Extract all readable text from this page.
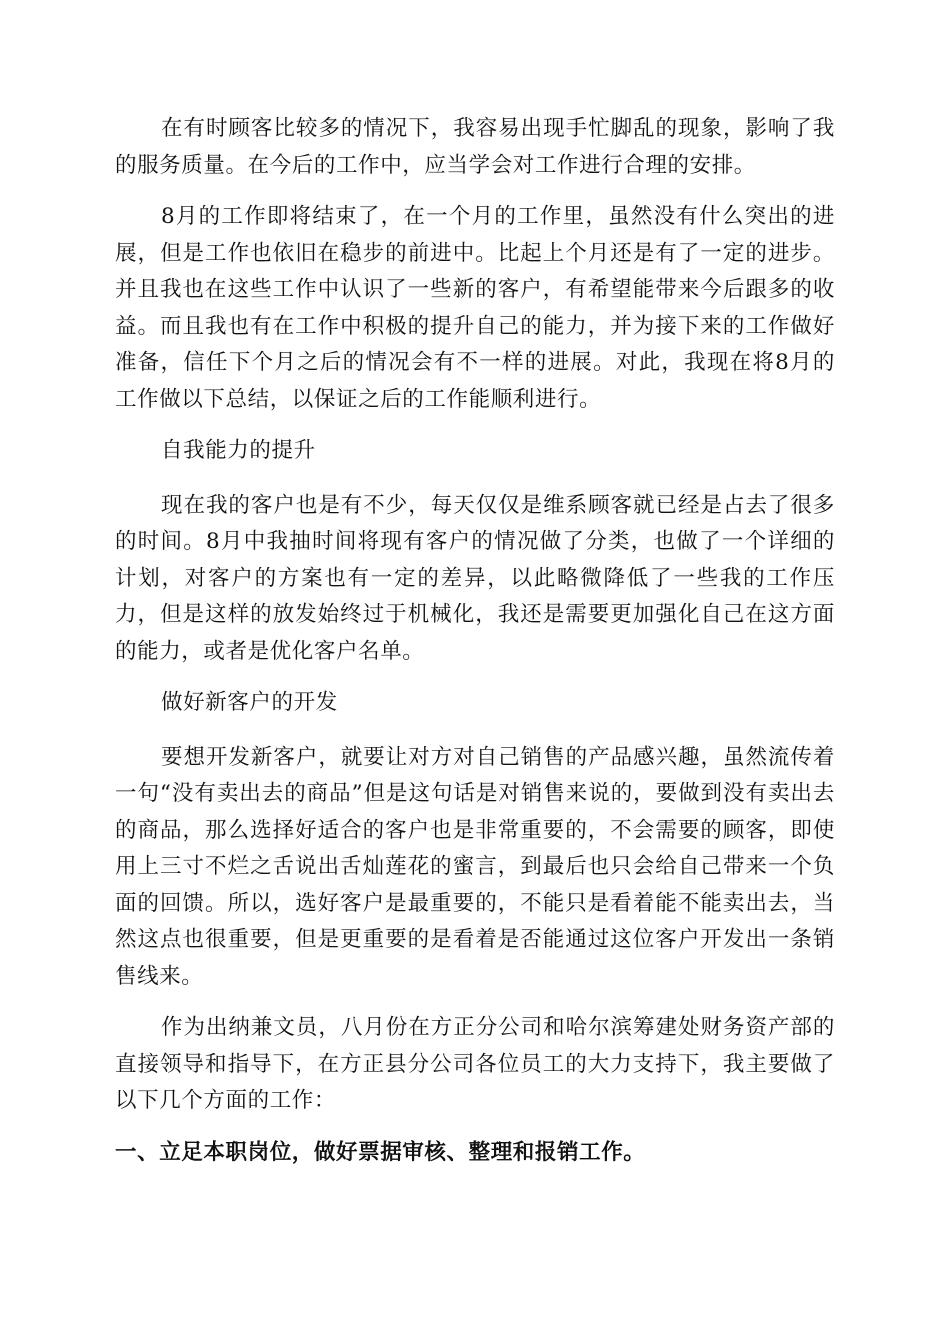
在有时顾客比较多的情况下，我容易出现手忙脚乱的现象，影响了我的服务质量。在今后的工作中，应当学会对工作进行合理的安排。

8月的工作即将结束了，在一个月的工作里，虽然没有什么突出的进展，但是工作也依旧在稳步的前进中。比起上个月还是有了一定的进步。并且我也在这些工作中认识了一些新的客户，有希望能带来今后跟多的收益。而且我也有在工作中积极的提升自己的能力，并为接下来的工作做好准备，信任下个月之后的情况会有不一样的进展。对此，我现在将8月的工作做以下总结，以保证之后的工作能顺利进行。

自我能力的提升

现在我的客户也是有不少，每天仅仅是维系顾客就已经是占去了很多的时间。8月中我抽时间将现有客户的情况做了分类，也做了一个详细的计划，对客户的方案也有一定的差异，以此略微降低了一些我的工作压力，但是这样的放发始终过于机械化，我还是需要更加强化自己在这方面的能力，或者是优化客户名单。

做好新客户的开发

要想开发新客户，就要让对方对自己销售的产品感兴趣，虽然流传着一句“没有卖出去的商品”但是这句话是对销售来说的，要做到没有卖出去的商品，那么选择好适合的客户也是非常重要的，不会需要的顾客，即使用上三寸不烂之舌说出舌灿莲花的蜜言，到最后也只会给自己带来一个负面的回馈。所以，选好客户是最重要的，不能只是看着能不能卖出去，当然这点也很重要，但是更重要的是看着是否能通过这位客户开发出一条销售线来。

作为出纳兼文员，八月份在方正分公司和哈尔滨筹建处财务资产部的直接领导和指导下，在方正县分公司各位员工的大力支持下，我主要做了以下几个方面的工作：

一、立足本职岗位，做好票据审核、整理和报销工作。
